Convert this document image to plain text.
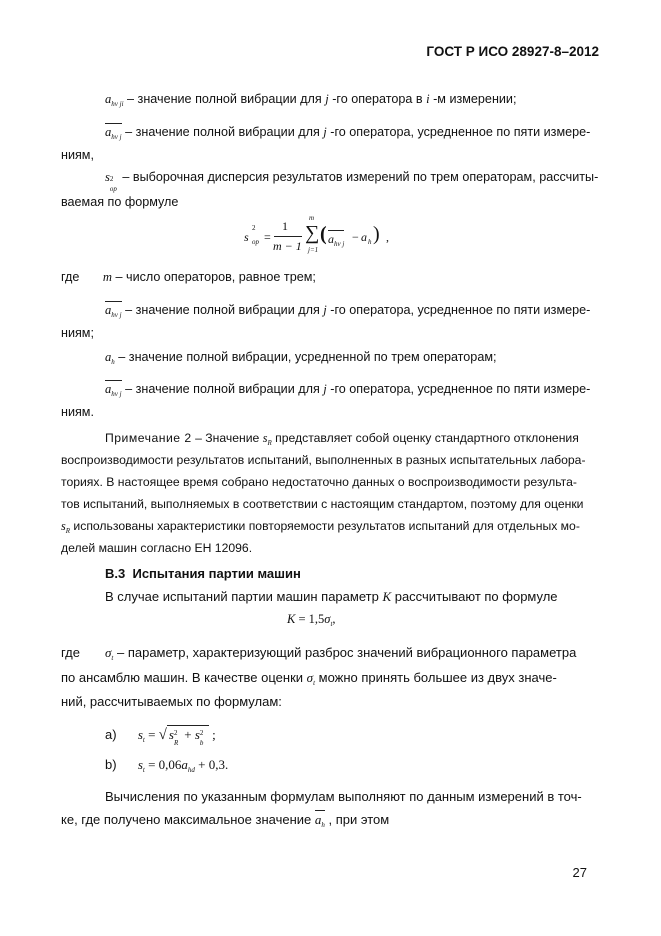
ГОСТ Р ИСО 28927-8–2012
$a_{hv ji}$ – значение полной вибрации для j -го оператора в i -м измерении;
$a_{hv j}$ – значение полной вибрации для j -го оператора, усредненное по пяти измере-
ниям,
s 2
op
– выборочная дисперсия результатов измерений по трем операторам, рассчиты-
ваемая по формуле
s
2
op =
1
m − 1
m
∑
j=1
( $a_{hv j} - a$ h ) ,
где m – число операторов, равное трем;
$a_{hv j}$ – значение полной вибрации для j -го оператора, усредненное по пяти измере-
ниям;
$a_h$ – значение полной вибрации, усредненной по трем операторам;
$a_{hv j}$ – значение полной вибрации для j -го оператора, усредненное по пяти измере-
ниям.
Примечание 2 – Значение $s_R$ представляет собой оценку стандартного отклонения
воспроизводимости результатов испытаний, выполненных в разных испытательных лабора-
ториях. В настоящее время собрано недостаточно данных о воспроизводимости результа-
тов испытаний, выполняемых в соответствии с настоящим стандартом, поэтому для оценки
$s_R$ использованы характеристики повторяемости результатов испытаний для отдельных мо-
делей машин согласно ЕН 12096.
B.3 Испытания партии машин
В случае испытаний партии машин параметр K рассчитывают по формуле
$K = 1,5\sigma_t$,
где $\sigma_t$ – параметр, характеризующий разброс значений вибрационного параметра
по ансамблю машин. В качестве оценки $\sigma_t$ можно принять большее из двух значе-
ний, рассчитываемых по формулам:
a) $s_t$ = √ s 2
R
+ s 2
b
;
b) $s_t = 0,06a_{hd} + 0,3$.
Вычисления по указанным формулам выполняют по данным измерений в точ-
ке, где получено максимальное значение $a_h$ , при этом
27
